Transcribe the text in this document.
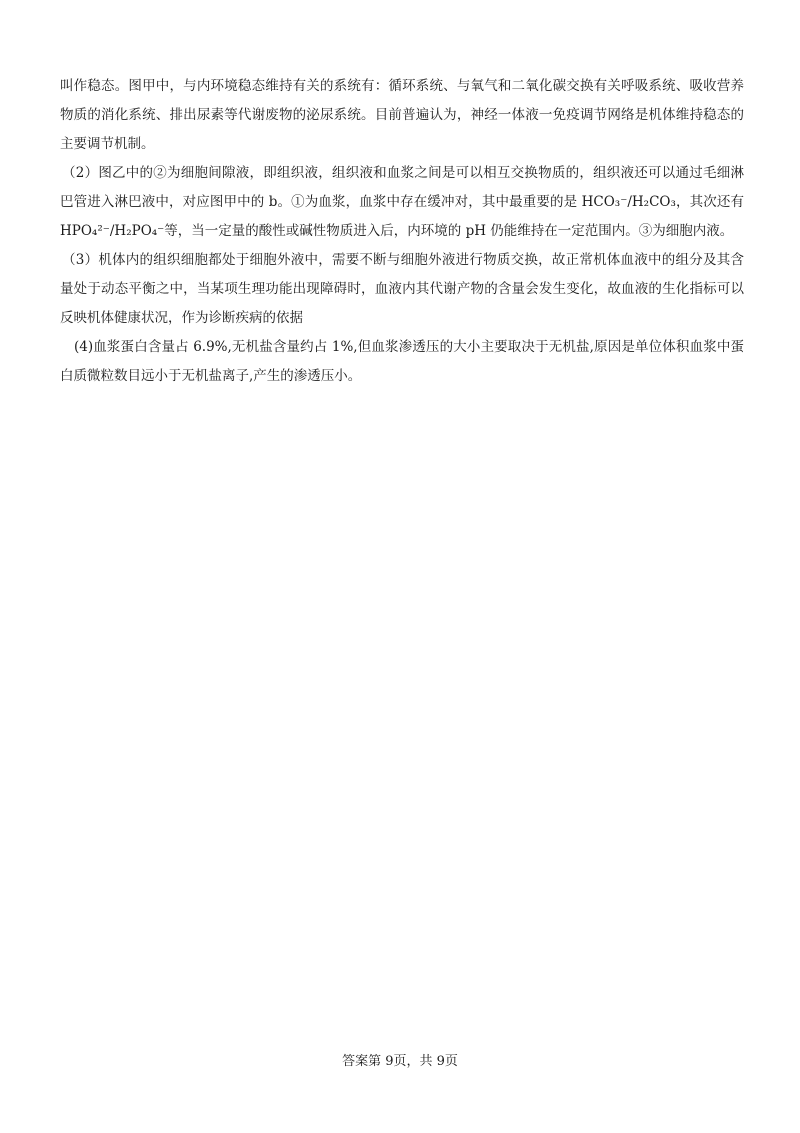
叫作稳态。图甲中，与内环境稳态维持有关的系统有：循环系统、与氧气和二氧化碳交换有关呼吸系统、吸收营养物质的消化系统、排出尿素等代谢废物的泌尿系统。目前普遍认为，神经一体液一免疫调节网络是机体维持稳态的主要调节机制。

（2）图乙中的②为细胞间隙液，即组织液，组织液和血浆之间是可以相互交换物质的，组织液还可以通过毛细淋巴管进入淋巴液中，对应图甲中的 b。①为血浆，血浆中存在缓冲对，其中最重要的是 HCO₃⁻/H₂CO₃，其次还有 HPO₄²⁻/H₂PO₄⁻等，当一定量的酸性或碱性物质进入后，内环境的 pH 仍能维持在一定范围内。③为细胞内液。

（3）机体内的组织细胞都处于细胞外液中，需要不断与细胞外液进行物质交换，故正常机体血液中的组分及其含量处于动态平衡之中，当某项生理功能出现障碍时，血液内其代谢产物的含量会发生变化，故血液的生化指标可以反映机体健康状况，作为诊断疾病的依据

(4)血浆蛋白含量占 6.9%,无机盐含量约占 1%,但血浆渗透压的大小主要取决于无机盐,原因是单位体积血浆中蛋白质微粒数目远小于无机盐离子,产生的渗透压小。

答案第 9页，共 9页
